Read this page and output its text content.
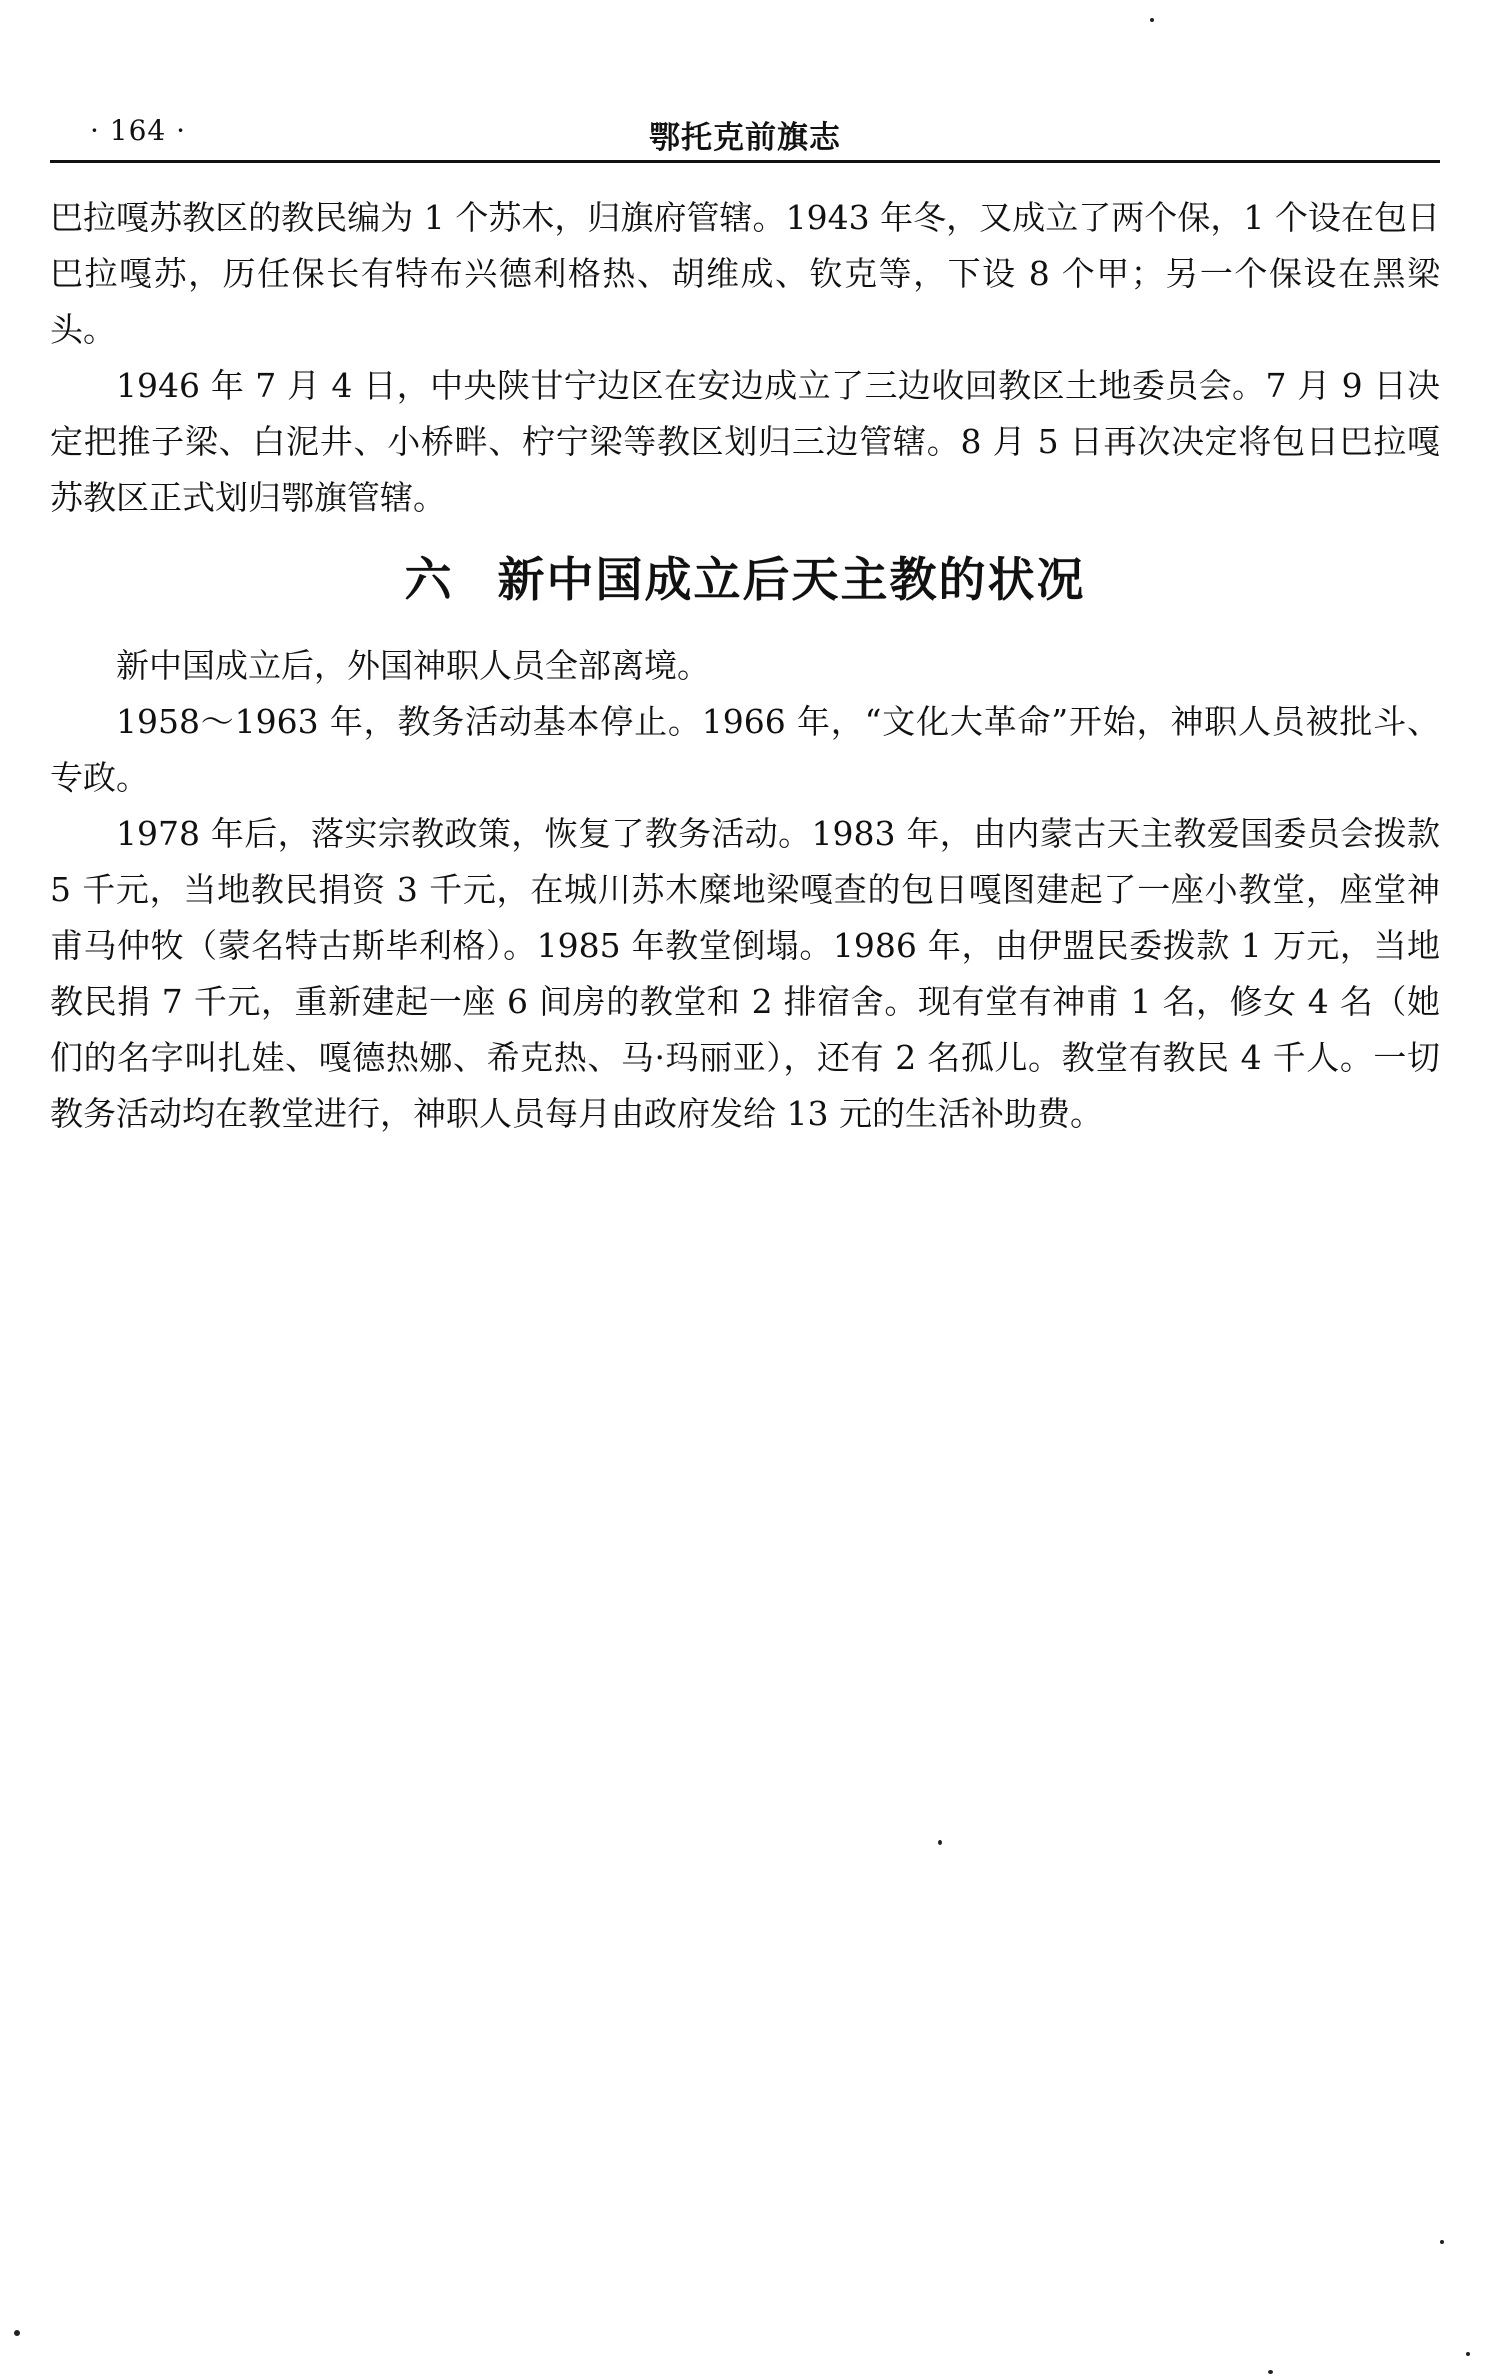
· 164 ·	鄂托克前旗志

巴拉嘎苏教区的教民编为 1 个苏木，归旗府管辖。1943 年冬，又成立了两个保，1 个设在包日巴拉嘎苏，历任保长有特布兴德利格热、胡维成、钦克等，下设 8 个甲；另一个保设在黑梁头。

1946 年 7 月 4 日，中央陕甘宁边区在安边成立了三边收回教区土地委员会。7 月 9 日决定把推子梁、白泥井、小桥畔、柠宁梁等教区划归三边管辖。8 月 5 日再次决定将包日巴拉嘎苏教区正式划归鄂旗管辖。

六 新中国成立后天主教的状况

新中国成立后，外国神职人员全部离境。

1958～1963 年，教务活动基本停止。1966 年，“文化大革命”开始，神职人员被批斗、专政。

1978 年后，落实宗教政策，恢复了教务活动。1983 年，由内蒙古天主教爱国委员会拨款 5 千元，当地教民捐资 3 千元，在城川苏木糜地梁嘎查的包日嘎图建起了一座小教堂，座堂神甫马仲牧（蒙名特古斯毕利格）。1985 年教堂倒塌。1986 年，由伊盟民委拨款 1 万元，当地教民捐 7 千元，重新建起一座 6 间房的教堂和 2 排宿舍。现有堂有神甫 1 名，修女 4 名（她们的名字叫扎娃、嘎德热娜、希克热、马·玛丽亚），还有 2 名孤儿。教堂有教民 4 千人。一切教务活动均在教堂进行，神职人员每月由政府发给 13 元的生活补助费。
